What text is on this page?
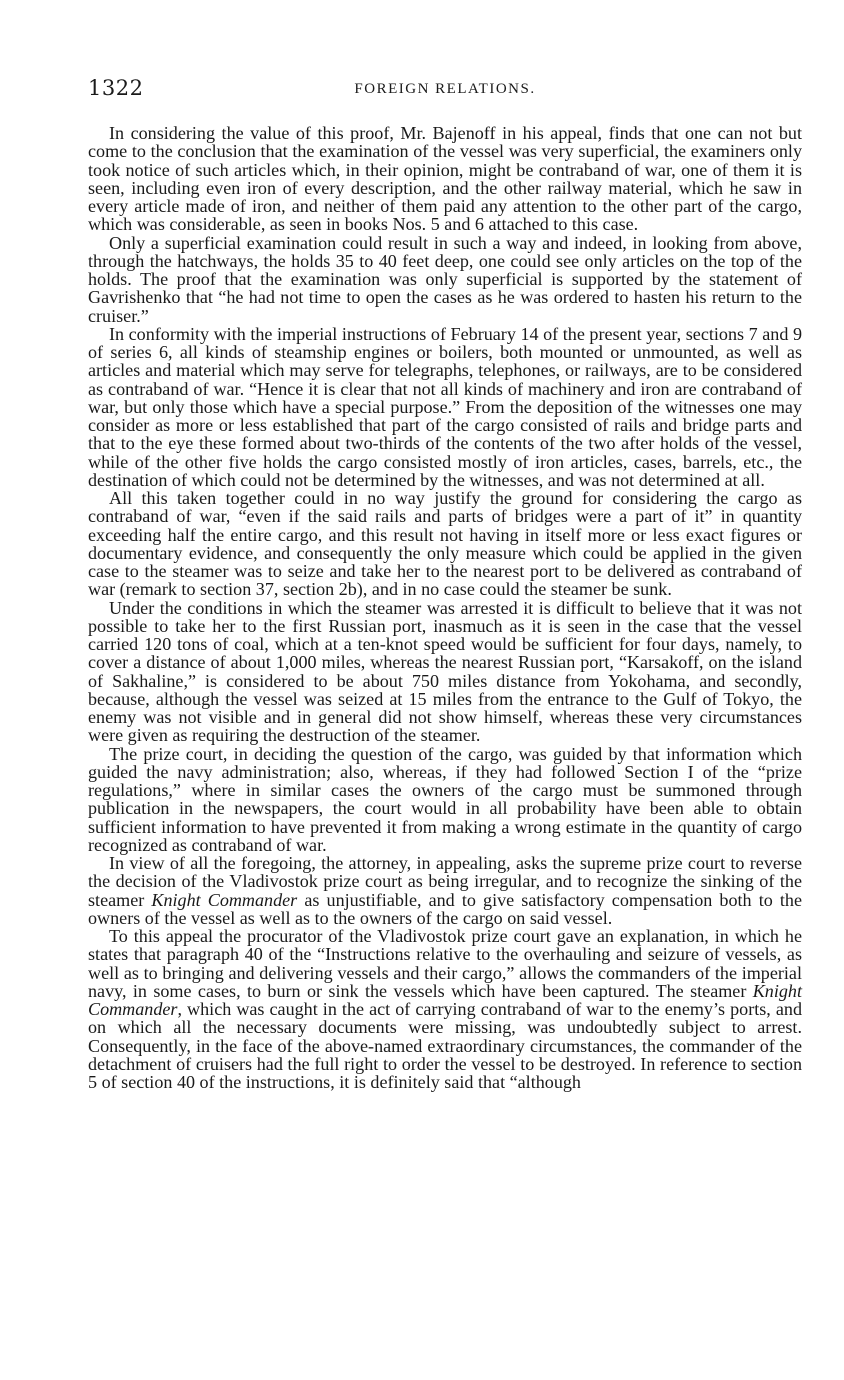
1322	FOREIGN RELATIONS.

In considering the value of this proof, Mr. Bajenoff in his appeal, finds that one can not but come to the conclusion that the examination of the vessel was very superficial, the examiners only took notice of such articles which, in their opinion, might be contraband of war, one of them it is seen, including even iron of every description, and the other railway material, which he saw in every article made of iron, and neither of them paid any attention to the other part of the cargo, which was considerable, as seen in books Nos. 5 and 6 attached to this case.

Only a superficial examination could result in such a way and indeed, in looking from above, through the hatchways, the holds 35 to 40 feet deep, one could see only articles on the top of the holds. The proof that the examination was only superficial is supported by the statement of Gavrishenko that “he had not time to open the cases as he was ordered to hasten his return to the cruiser.”

In conformity with the imperial instructions of February 14 of the present year, sections 7 and 9 of series 6, all kinds of steamship engines or boilers, both mounted or unmounted, as well as articles and material which may serve for telegraphs, telephones, or railways, are to be considered as contraband of war. “Hence it is clear that not all kinds of machinery and iron are contraband of war, but only those which have a special purpose.” From the deposition of the witnesses one may consider as more or less established that part of the cargo consisted of rails and bridge parts and that to the eye these formed about two-thirds of the contents of the two after holds of the vessel, while of the other five holds the cargo consisted mostly of iron articles, cases, barrels, etc., the destination of which could not be determined by the witnesses, and was not determined at all.

All this taken together could in no way justify the ground for considering the cargo as contraband of war, “even if the said rails and parts of bridges were a part of it” in quantity exceeding half the entire cargo, and this result not having in itself more or less exact figures or documentary evidence, and consequently the only measure which could be applied in the given case to the steamer was to seize and take her to the nearest port to be delivered as contraband of war (remark to section 37, section 2b), and in no case could the steamer be sunk.

Under the conditions in which the steamer was arrested it is difficult to believe that it was not possible to take her to the first Russian port, inasmuch as it is seen in the case that the vessel carried 120 tons of coal, which at a ten-knot speed would be sufficient for four days, namely, to cover a distance of about 1,000 miles, whereas the nearest Russian port, “Karsakoff, on the island of Sakhaline,” is considered to be about 750 miles distance from Yokohama, and secondly, because, although the vessel was seized at 15 miles from the entrance to the Gulf of Tokyo, the enemy was not visible and in general did not show himself, whereas these very circumstances were given as requiring the destruction of the steamer.

The prize court, in deciding the question of the cargo, was guided by that information which guided the navy administration; also, whereas, if they had followed Section I of the “prize regulations,” where in similar cases the owners of the cargo must be summoned through publication in the newspapers, the court would in all probability have been able to obtain sufficient information to have prevented it from making a wrong estimate in the quantity of cargo recognized as contraband of war.

In view of all the foregoing, the attorney, in appealing, asks the supreme prize court to reverse the decision of the Vladivostok prize court as being irregular, and to recognize the sinking of the steamer Knight Commander as unjustifiable, and to give satisfactory compensation both to the owners of the vessel as well as to the owners of the cargo on said vessel.

To this appeal the procurator of the Vladivostok prize court gave an explanation, in which he states that paragraph 40 of the “Instructions relative to the overhauling and seizure of vessels, as well as to bringing and delivering vessels and their cargo,” allows the commanders of the imperial navy, in some cases, to burn or sink the vessels which have been captured. The steamer Knight Commander, which was caught in the act of carrying contraband of war to the enemy’s ports, and on which all the necessary documents were missing, was undoubtedly subject to arrest. Consequently, in the face of the above-named extraordinary circumstances, the commander of the detachment of cruisers had the full right to order the vessel to be destroyed. In reference to section 5 of section 40 of the instructions, it is definitely said that “although
